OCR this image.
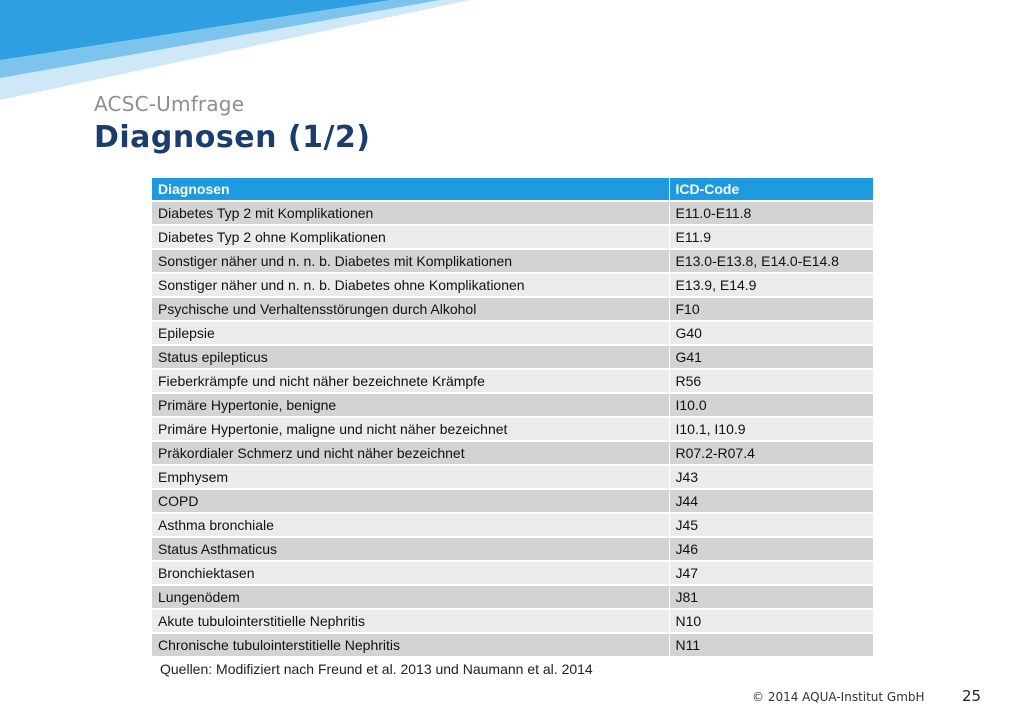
ACSC-Umfrage
Diagnosen (1/2)
Diagnosen	ICD-Code
Diabetes Typ 2 mit Komplikationen	E11.0-E11.8
Diabetes Typ 2 ohne Komplikationen	E11.9
Sonstiger näher und n. n. b. Diabetes mit Komplikationen	E13.0-E13.8, E14.0-E14.8
Sonstiger näher und n. n. b. Diabetes ohne Komplikationen	E13.9, E14.9
Psychische und Verhaltensstörungen durch Alkohol	F10
Epilepsie	G40
Status epilepticus	G41
Fieberkrämpfe und nicht näher bezeichnete Krämpfe	R56
Primäre Hypertonie, benigne	I10.0
Primäre Hypertonie, maligne und nicht näher bezeichnet	I10.1, I10.9
Präkordialer Schmerz und nicht näher bezeichnet	R07.2-R07.4
Emphysem	J43
COPD	J44
Asthma bronchiale	J45
Status Asthmaticus	J46
Bronchiektasen	J47
Lungenödem	J81
Akute tubulointerstitielle Nephritis	N10
Chronische tubulointerstitielle Nephritis	N11
Quellen: Modifiziert nach Freund et al. 2013 und Naumann et al. 2014
© 2014 AQUA-Institut GmbH 25
